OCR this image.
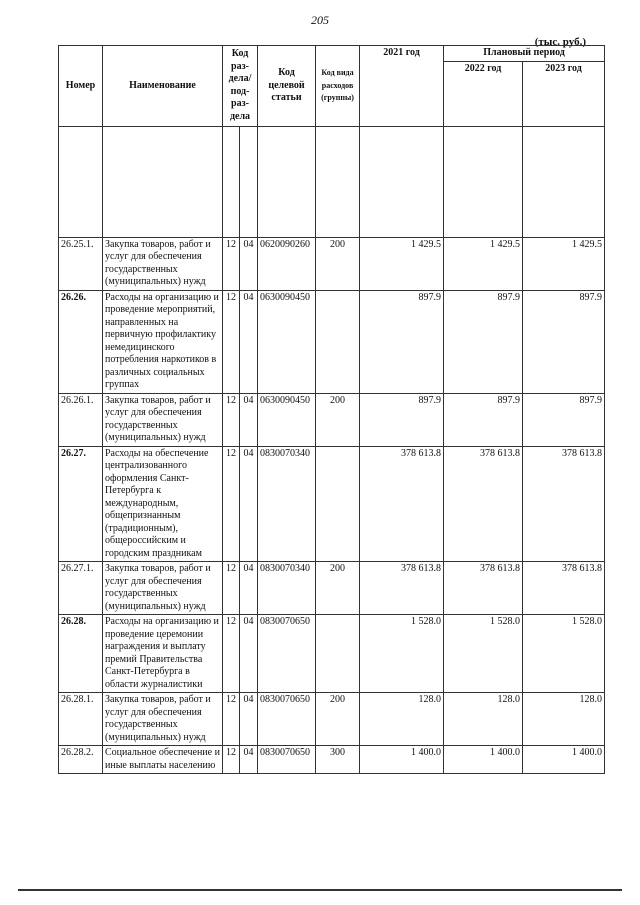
205
(тыс. руб.)
Номер	Наименование	Код раз-дела/ под-раз-дела		Код целевой статьи	Код вида расходов (группы)	2021 год	Плановый период	
							2022 год	2023 год

26.25.1.	Закупка товаров, работ и услуг для обеспечения государственных (муниципальных) нужд	12	04	0620090260	200	1 429.5	1 429.5	1 429.5
26.26.	Расходы на организацию и проведение мероприятий, направленных на первичную профилактику немедицинского потребления наркотиков в различных социальных группах	12	04	0630090450		897.9	897.9	897.9
26.26.1.	Закупка товаров, работ и услуг для обеспечения государственных (муниципальных) нужд	12	04	0630090450	200	897.9	897.9	897.9
26.27.	Расходы на обеспечение централизованного оформления Санкт-Петербурга к международным, общепризнанным (традиционным), общероссийским и городским праздникам	12	04	0830070340		378 613.8	378 613.8	378 613.8
26.27.1.	Закупка товаров, работ и услуг для обеспечения государственных (муниципальных) нужд	12	04	0830070340	200	378 613.8	378 613.8	378 613.8
26.28.	Расходы на организацию и проведение церемонии награждения и выплату премий Правительства Санкт-Петербурга в области журналистики	12	04	0830070650		1 528.0	1 528.0	1 528.0
26.28.1.	Закупка товаров, работ и услуг для обеспечения государственных (муниципальных) нужд	12	04	0830070650	200	128.0	128.0	128.0
26.28.2.	Социальное обеспечение и иные выплаты населению	12	04	0830070650	300	1 400.0	1 400.0	1 400.0
